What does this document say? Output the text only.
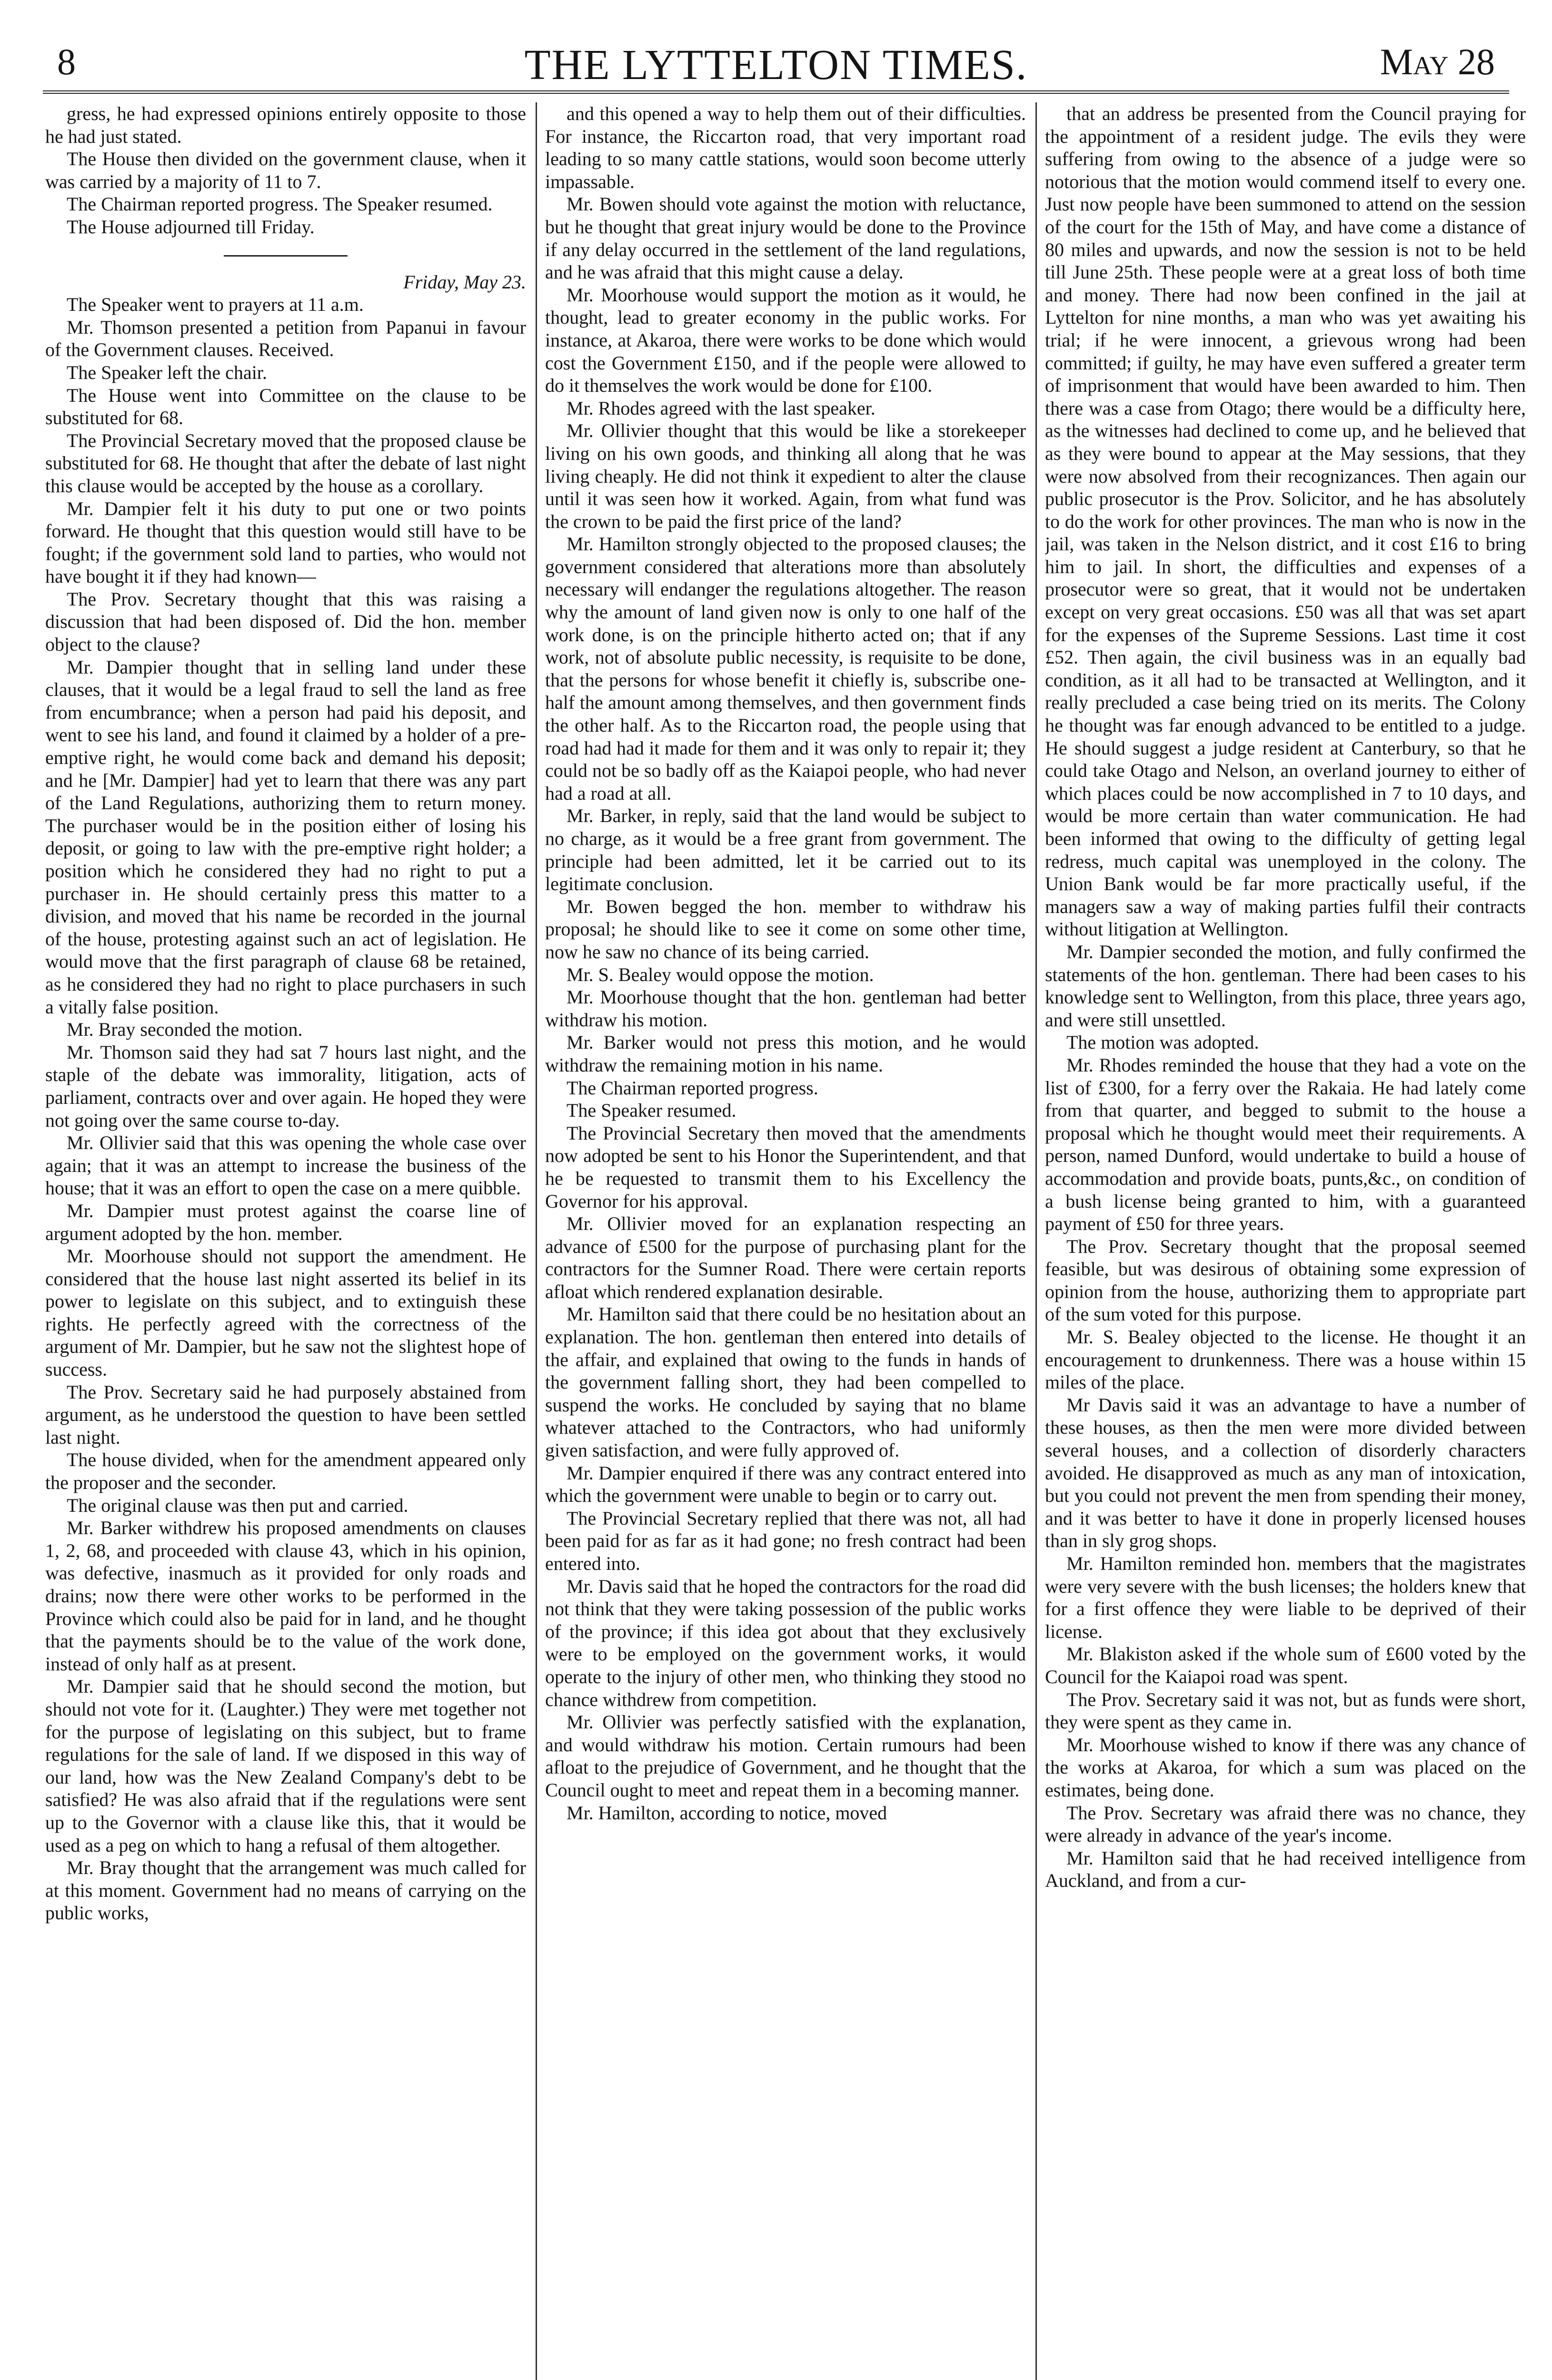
8	THE LYTTELTON TIMES.	May 28

gress, he had expressed opinions entirely opposite to those he had just stated.

The House then divided on the government clause, when it was carried by a majority of 11 to 7.

The Chairman reported progress. The Speaker resumed.

The House adjourned till Friday.

Friday, May 23.

The Speaker went to prayers at 11 a.m.

Mr. Thomson presented a petition from Papanui in favour of the Government clauses. Received.

The Speaker left the chair.

The House went into Committee on the clause to be substituted for 68.

The Provincial Secretary moved that the proposed clause be substituted for 68. He thought that after the debate of last night this clause would be accepted by the house as a corollary.

Mr. Dampier felt it his duty to put one or two points forward. He thought that this question would still have to be fought; if the government sold land to parties, who would not have bought it if they had known—

The Prov. Secretary thought that this was raising a discussion that had been disposed of. Did the hon. member object to the clause?

Mr. Dampier thought that in selling land under these clauses, that it would be a legal fraud to sell the land as free from encumbrance; when a person had paid his deposit, and went to see his land, and found it claimed by a holder of a pre-emptive right, he would come back and demand his deposit; and he [Mr. Dampier] had yet to learn that there was any part of the Land Regulations, authorizing them to return money. The purchaser would be in the position either of losing his deposit, or going to law with the pre-emptive right holder; a position which he considered they had no right to put a purchaser in. He should certainly press this matter to a division, and moved that his name be recorded in the journal of the house, protesting against such an act of legislation. He would move that the first paragraph of clause 68 be retained, as he considered they had no right to place purchasers in such a vitally false position.

Mr. Bray seconded the motion.

Mr. Thomson said they had sat 7 hours last night, and the staple of the debate was immorality, litigation, acts of parliament, contracts over and over again. He hoped they were not going over the same course to-day.

Mr. Ollivier said that this was opening the whole case over again; that it was an attempt to increase the business of the house; that it was an effort to open the case on a mere quibble.

Mr. Dampier must protest against the coarse line of argument adopted by the hon. member.

Mr. Moorhouse should not support the amendment. He considered that the house last night asserted its belief in its power to legislate on this subject, and to extinguish these rights. He perfectly agreed with the correctness of the argument of Mr. Dampier, but he saw not the slightest hope of success.

The Prov. Secretary said he had purposely abstained from argument, as he understood the question to have been settled last night.

The house divided, when for the amendment appeared only the proposer and the seconder.

The original clause was then put and carried.

Mr. Barker withdrew his proposed amendments on clauses 1, 2, 68, and proceeded with clause 43, which in his opinion, was defective, inasmuch as it provided for only roads and drains; now there were other works to be performed in the Province which could also be paid for in land, and he thought that the payments should be to the value of the work done, instead of only half as at present.

Mr. Dampier said that he should second the motion, but should not vote for it. (Laughter.) They were met together not for the purpose of legislating on this subject, but to frame regulations for the sale of land. If we disposed in this way of our land, how was the New Zealand Company's debt to be satisfied? He was also afraid that if the regulations were sent up to the Governor with a clause like this, that it would be used as a peg on which to hang a refusal of them altogether.

Mr. Bray thought that the arrangement was much called for at this moment. Government had no means of carrying on the public works,

and this opened a way to help them out of their difficulties. For instance, the Riccarton road, that very important road leading to so many cattle stations, would soon become utterly impassable.

Mr. Bowen should vote against the motion with reluctance, but he thought that great injury would be done to the Province if any delay occurred in the settlement of the land regulations, and he was afraid that this might cause a delay.

Mr. Moorhouse would support the motion as it would, he thought, lead to greater economy in the public works. For instance, at Akaroa, there were works to be done which would cost the Government £150, and if the people were allowed to do it themselves the work would be done for £100.

Mr. Rhodes agreed with the last speaker.

Mr. Ollivier thought that this would be like a storekeeper living on his own goods, and thinking all along that he was living cheaply. He did not think it expedient to alter the clause until it was seen how it worked. Again, from what fund was the crown to be paid the first price of the land?

Mr. Hamilton strongly objected to the proposed clauses; the government considered that alterations more than absolutely necessary will endanger the regulations altogether. The reason why the amount of land given now is only to one half of the work done, is on the principle hitherto acted on; that if any work, not of absolute public necessity, is requisite to be done, that the persons for whose benefit it chiefly is, subscribe one-half the amount among themselves, and then government finds the other half. As to the Riccarton road, the people using that road had had it made for them and it was only to repair it; they could not be so badly off as the Kaiapoi people, who had never had a road at all.

Mr. Barker, in reply, said that the land would be subject to no charge, as it would be a free grant from government. The principle had been admitted, let it be carried out to its legitimate conclusion.

Mr. Bowen begged the hon. member to withdraw his proposal; he should like to see it come on some other time, now he saw no chance of its being carried.

Mr. S. Bealey would oppose the motion.

Mr. Moorhouse thought that the hon. gentleman had better withdraw his motion.

Mr. Barker would not press this motion, and he would withdraw the remaining motion in his name.

The Chairman reported progress.

The Speaker resumed.

The Provincial Secretary then moved that the amendments now adopted be sent to his Honor the Superintendent, and that he be requested to transmit them to his Excellency the Governor for his approval.

Mr. Ollivier moved for an explanation respecting an advance of £500 for the purpose of purchasing plant for the contractors for the Sumner Road. There were certain reports afloat which rendered explanation desirable.

Mr. Hamilton said that there could be no hesitation about an explanation. The hon. gentleman then entered into details of the affair, and explained that owing to the funds in hands of the government falling short, they had been compelled to suspend the works. He concluded by saying that no blame whatever attached to the Contractors, who had uniformly given satisfaction, and were fully approved of.

Mr. Dampier enquired if there was any contract entered into which the government were unable to begin or to carry out.

The Provincial Secretary replied that there was not, all had been paid for as far as it had gone; no fresh contract had been entered into.

Mr. Davis said that he hoped the contractors for the road did not think that they were taking possession of the public works of the province; if this idea got about that they exclusively were to be employed on the government works, it would operate to the injury of other men, who thinking they stood no chance withdrew from competition.

Mr. Ollivier was perfectly satisfied with the explanation, and would withdraw his motion. Certain rumours had been afloat to the prejudice of Government, and he thought that the Council ought to meet and repeat them in a becoming manner.

Mr. Hamilton, according to notice, moved

that an address be presented from the Council praying for the appointment of a resident judge. The evils they were suffering from owing to the absence of a judge were so notorious that the motion would commend itself to every one. Just now people have been summoned to attend on the session of the court for the 15th of May, and have come a distance of 80 miles and upwards, and now the session is not to be held till June 25th. These people were at a great loss of both time and money. There had now been confined in the jail at Lyttelton for nine months, a man who was yet awaiting his trial; if he were innocent, a grievous wrong had been committed; if guilty, he may have even suffered a greater term of imprisonment that would have been awarded to him. Then there was a case from Otago; there would be a difficulty here, as the witnesses had declined to come up, and he believed that as they were bound to appear at the May sessions, that they were now absolved from their recognizances. Then again our public prosecutor is the Prov. Solicitor, and he has absolutely to do the work for other provinces. The man who is now in the jail, was taken in the Nelson district, and it cost £16 to bring him to jail. In short, the difficulties and expenses of a prosecutor were so great, that it would not be undertaken except on very great occasions. £50 was all that was set apart for the expenses of the Supreme Sessions. Last time it cost £52. Then again, the civil business was in an equally bad condition, as it all had to be transacted at Wellington, and it really precluded a case being tried on its merits. The Colony he thought was far enough advanced to be entitled to a judge. He should suggest a judge resident at Canterbury, so that he could take Otago and Nelson, an overland journey to either of which places could be now accomplished in 7 to 10 days, and would be more certain than water communication. He had been informed that owing to the difficulty of getting legal redress, much capital was unemployed in the colony. The Union Bank would be far more practically useful, if the managers saw a way of making parties fulfil their contracts without litigation at Wellington.

Mr. Dampier seconded the motion, and fully confirmed the statements of the hon. gentleman. There had been cases to his knowledge sent to Wellington, from this place, three years ago, and were still unsettled.

The motion was adopted.

Mr. Rhodes reminded the house that they had a vote on the list of £300, for a ferry over the Rakaia. He had lately come from that quarter, and begged to submit to the house a proposal which he thought would meet their requirements. A person, named Dunford, would undertake to build a house of accommodation and provide boats, punts,&c., on condition of a bush license being granted to him, with a guaranteed payment of £50 for three years.

The Prov. Secretary thought that the proposal seemed feasible, but was desirous of obtaining some expression of opinion from the house, authorizing them to appropriate part of the sum voted for this purpose.

Mr. S. Bealey objected to the license. He thought it an encouragement to drunkenness. There was a house within 15 miles of the place.

Mr Davis said it was an advantage to have a number of these houses, as then the men were more divided between several houses, and a collection of disorderly characters avoided. He disapproved as much as any man of intoxication, but you could not prevent the men from spending their money, and it was better to have it done in properly licensed houses than in sly grog shops.

Mr. Hamilton reminded hon. members that the magistrates were very severe with the bush licenses; the holders knew that for a first offence they were liable to be deprived of their license.

Mr. Blakiston asked if the whole sum of £600 voted by the Council for the Kaiapoi road was spent.

The Prov. Secretary said it was not, but as funds were short, they were spent as they came in.

Mr. Moorhouse wished to know if there was any chance of the works at Akaroa, for which a sum was placed on the estimates, being done.

The Prov. Secretary was afraid there was no chance, they were already in advance of the year's income.

Mr. Hamilton said that he had received intelligence from Auckland, and from a cur-
